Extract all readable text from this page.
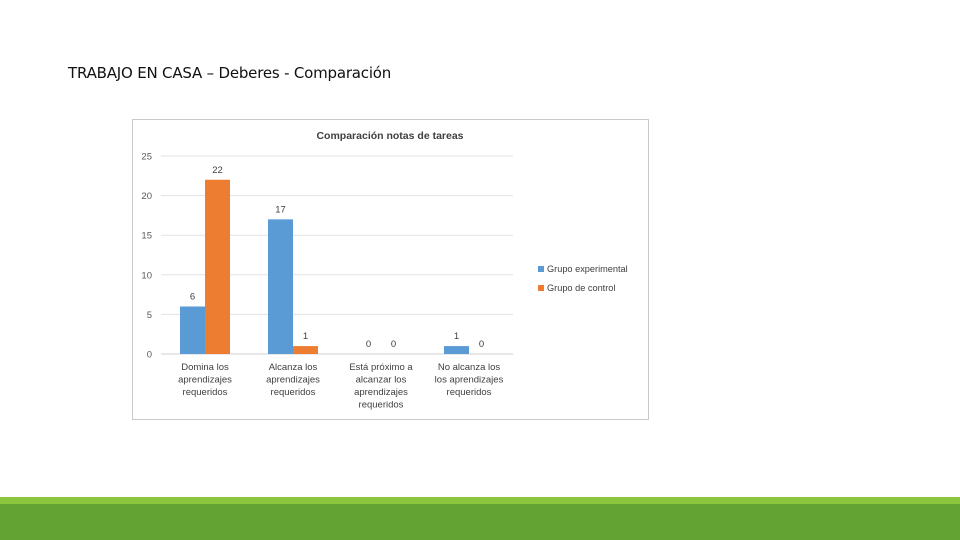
TRABAJO EN CASA – Deberes - Comparación
0
5
10
15
20
25
6
17
0
1
22
1
0	0
Domina los aprendizajes requeridos
Alcanza los aprendizajes requeridos
Está próximo a alcanzar los aprendizajes requeridos
No alcanza los los aprendizajes requeridos
Grupo experimental
Grupo de control
Comparación notas de tareas
